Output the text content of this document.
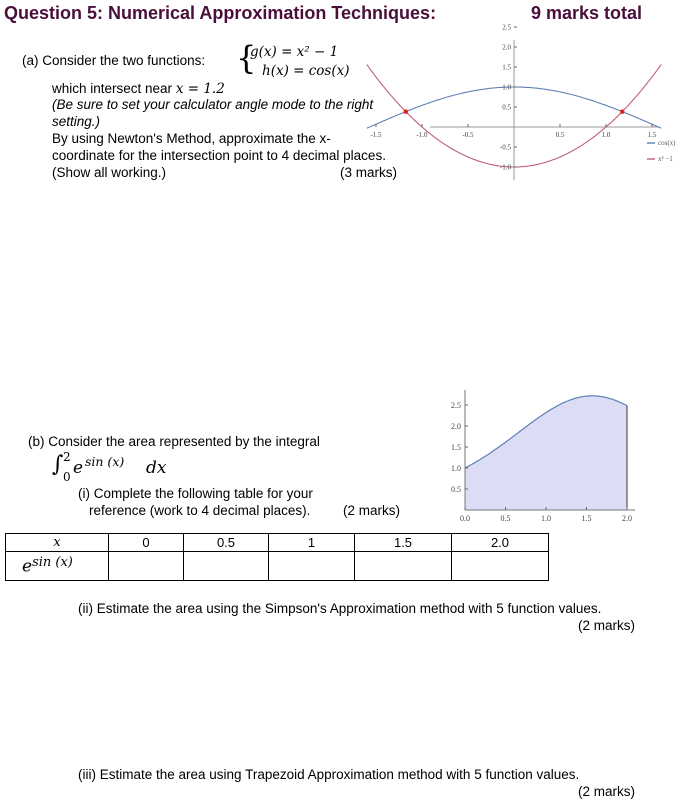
Question 5: Numerical Approximation Techniques:	9 marks total
(a) Consider the two functions: {
g(x) = x² − 1
h(x) = cos(x)
which intersect near x = 1.2
(Be sure to set your calculator angle mode to the right
setting.)
By using Newton's Method, approximate the x-
coordinate for the intersection point to 4 decimal places.
(Show all working.)	(3 marks)
-1.5	-1.0	-0.5	0.5	1.0	1.5
2.5
2.0
1.5
1.0
0.5
-0.5
-1.0
cos(x)
x² −1
0.0	0.5	1.0	1.5	2.0
2.5
2.0
1.5
1.0
0.5
(b) Consider the area represented by the integral
∫ 2
0 e sin (x) dx
(i) Complete the following table for your
reference (work to 4 decimal places). (2 marks)
x	0	0.5	1	1.5	2.0
$e^{sin (x)}$					
(ii) Estimate the area using the Simpson's Approximation method with 5 function values.
(2 marks)
(iii) Estimate the area using Trapezoid Approximation method with 5 function values.
(2 marks)
